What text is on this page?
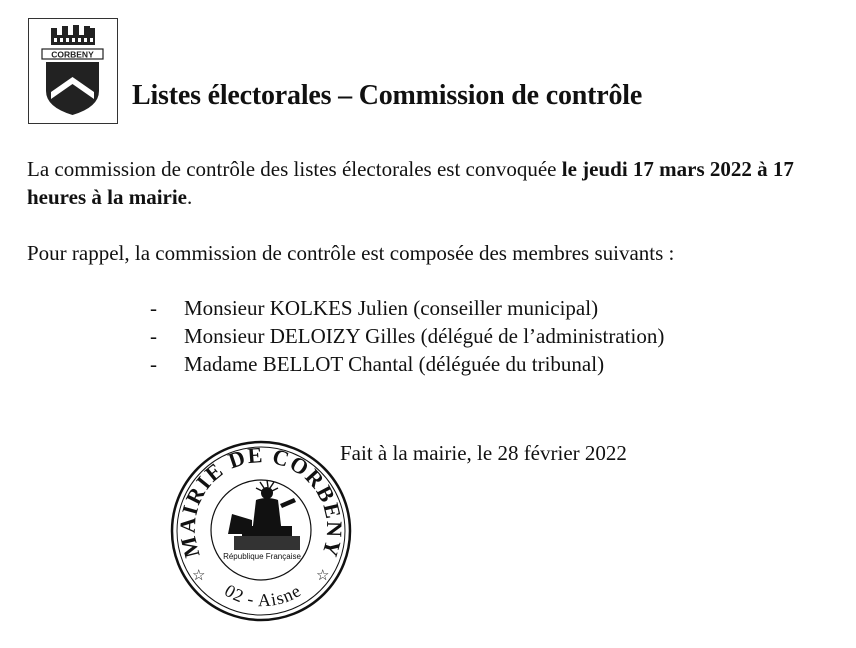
CORBENY
Listes électorales – Commission de contrôle
La commission de contrôle des listes électorales est convoquée le jeudi 17 mars 2022 à 17 heures à la mairie.
Pour rappel, la commission de contrôle est composée des membres suivants :
- Monsieur KOLKES Julien (conseiller municipal)
- Monsieur DELOIZY Gilles (délégué de l’administration)
- Madame BELLOT Chantal (déléguée du tribunal)
Fait à la mairie, le 28 février 2022
MAIRIE DE CORBENY
02 - Aisne
☆	☆
République Française
